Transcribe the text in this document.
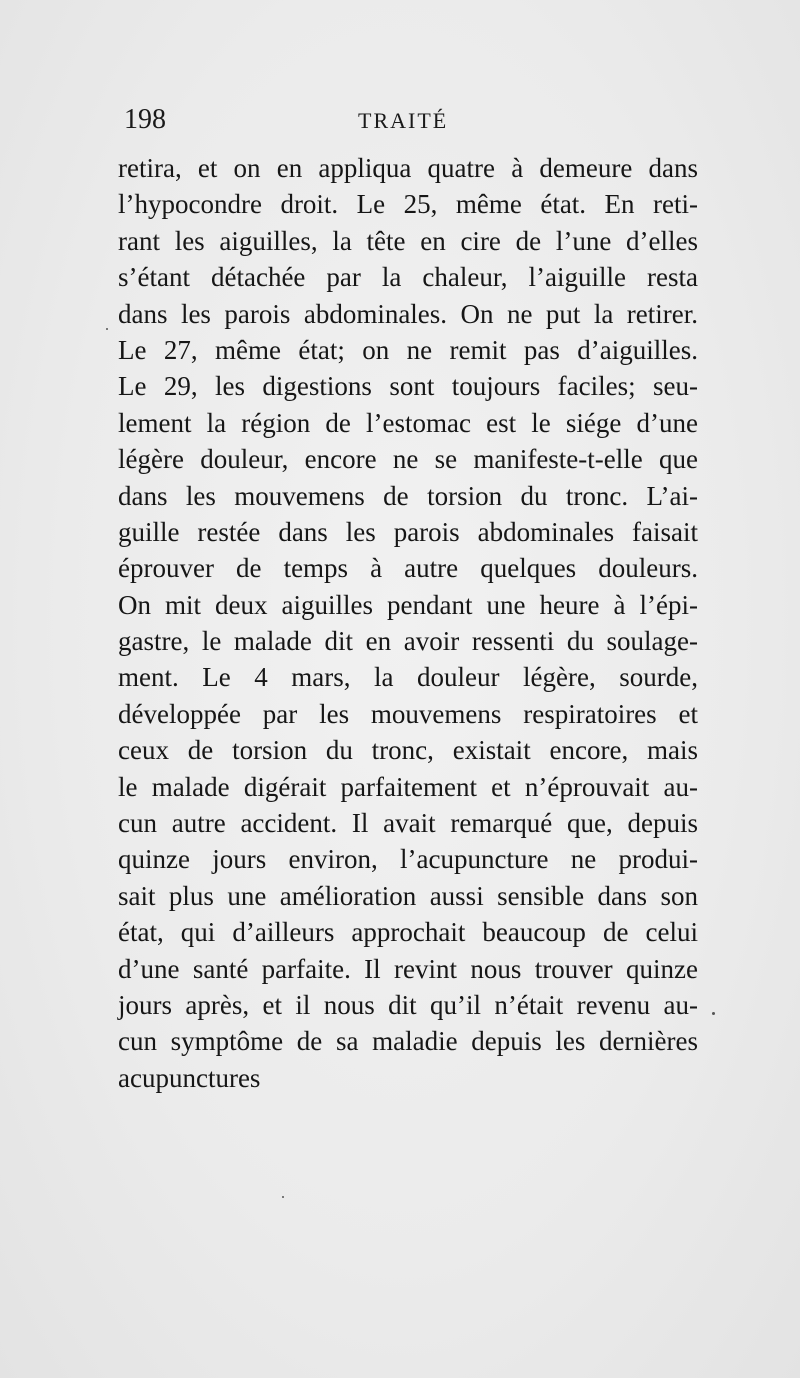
198	TRAITÉ
retira, et on en appliqua quatre à demeure dans
l’hypocondre droit. Le 25, même état. En reti-
rant les aiguilles, la tête en cire de l’une d’elles
s’étant détachée par la chaleur, l’aiguille resta
dans les parois abdominales. On ne put la retirer.
Le 27, même état; on ne remit pas d’aiguilles.
Le 29, les digestions sont toujours faciles; seu-
lement la région de l’estomac est le siége d’une
légère douleur, encore ne se manifeste-t-elle que
dans les mouvemens de torsion du tronc. L’ai-
guille restée dans les parois abdominales faisait
éprouver de temps à autre quelques douleurs.
On mit deux aiguilles pendant une heure à l’épi-
gastre, le malade dit en avoir ressenti du soulage-
ment. Le 4 mars, la douleur légère, sourde,
développée par les mouvemens respiratoires et
ceux de torsion du tronc, existait encore, mais
le malade digérait parfaitement et n’éprouvait au-
cun autre accident. Il avait remarqué que, depuis
quinze jours environ, l’acupuncture ne produi-
sait plus une amélioration aussi sensible dans son
état, qui d’ailleurs approchait beaucoup de celui
d’une santé parfaite. Il revint nous trouver quinze
jours après, et il nous dit qu’il n’était revenu au-
cun symptôme de sa maladie depuis les dernières
acupunctures
